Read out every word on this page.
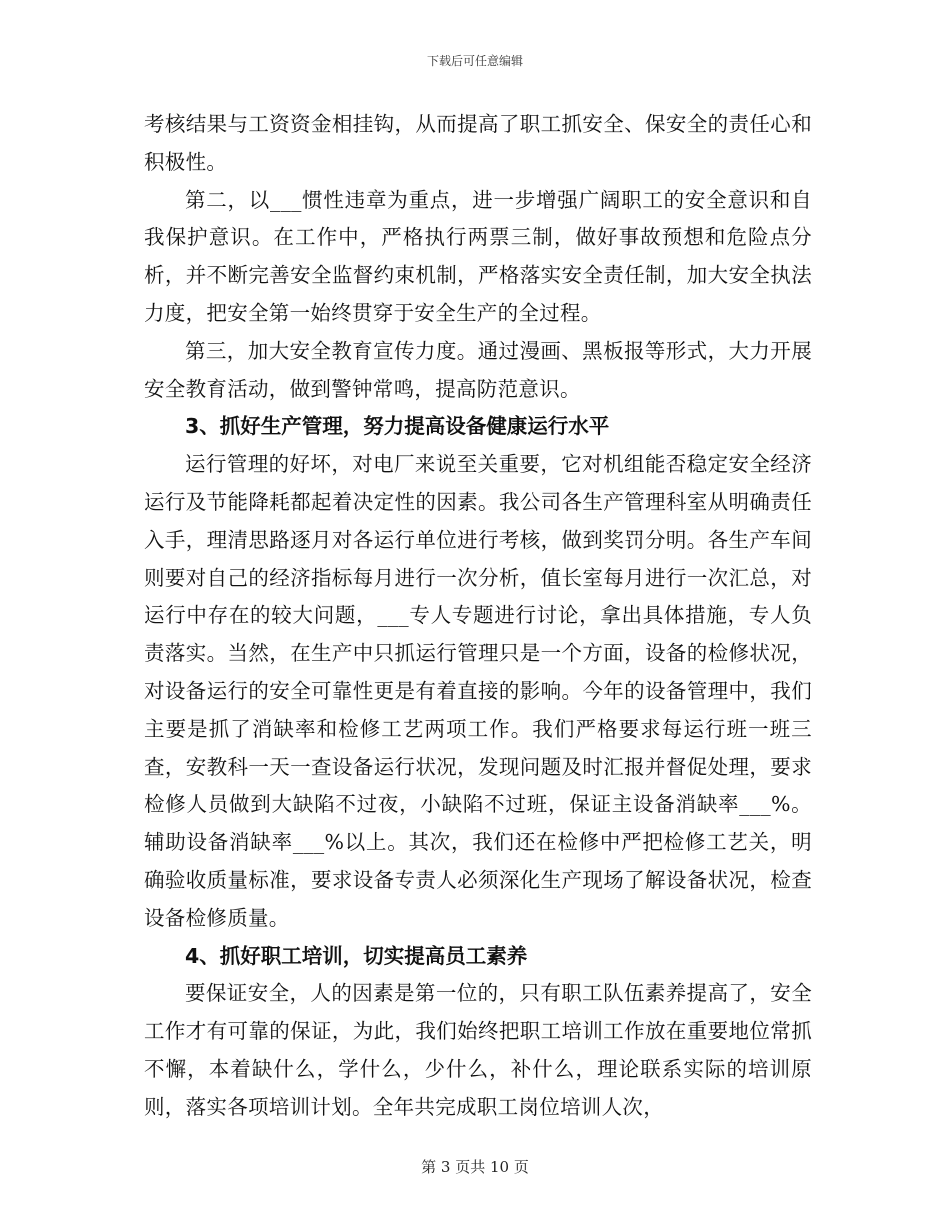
下载后可任意编辑

考核结果与工资资金相挂钩，从而提高了职工抓安全、保安全的责任心和积极性。

第二，以___惯性违章为重点，进一步增强广阔职工的安全意识和自我保护意识。在工作中，严格执行两票三制，做好事故预想和危险点分析，并不断完善安全监督约束机制，严格落实安全责任制，加大安全执法力度，把安全第一始终贯穿于安全生产的全过程。

第三，加大安全教育宣传力度。通过漫画、黑板报等形式，大力开展安全教育活动，做到警钟常鸣，提高防范意识。

3、抓好生产管理，努力提高设备健康运行水平

运行管理的好坏，对电厂来说至关重要，它对机组能否稳定安全经济运行及节能降耗都起着决定性的因素。我公司各生产管理科室从明确责任入手，理清思路逐月对各运行单位进行考核，做到奖罚分明。各生产车间则要对自己的经济指标每月进行一次分析，值长室每月进行一次汇总，对运行中存在的较大问题，___专人专题进行讨论，拿出具体措施，专人负责落实。当然，在生产中只抓运行管理只是一个方面，设备的检修状况，对设备运行的安全可靠性更是有着直接的影响。今年的设备管理中，我们主要是抓了消缺率和检修工艺两项工作。我们严格要求每运行班一班三查，安教科一天一查设备运行状况，发现问题及时汇报并督促处理，要求检修人员做到大缺陷不过夜，小缺陷不过班，保证主设备消缺率___%。辅助设备消缺率___%以上。其次，我们还在检修中严把检修工艺关，明确验收质量标准，要求设备专责人必须深化生产现场了解设备状况，检查设备检修质量。

4、抓好职工培训，切实提高员工素养

要保证安全，人的因素是第一位的，只有职工队伍素养提高了，安全工作才有可靠的保证，为此，我们始终把职工培训工作放在重要地位常抓不懈，本着缺什么，学什么，少什么，补什么，理论联系实际的培训原则，落实各项培训计划。全年共完成职工岗位培训人次，

第 3 页共 10 页
